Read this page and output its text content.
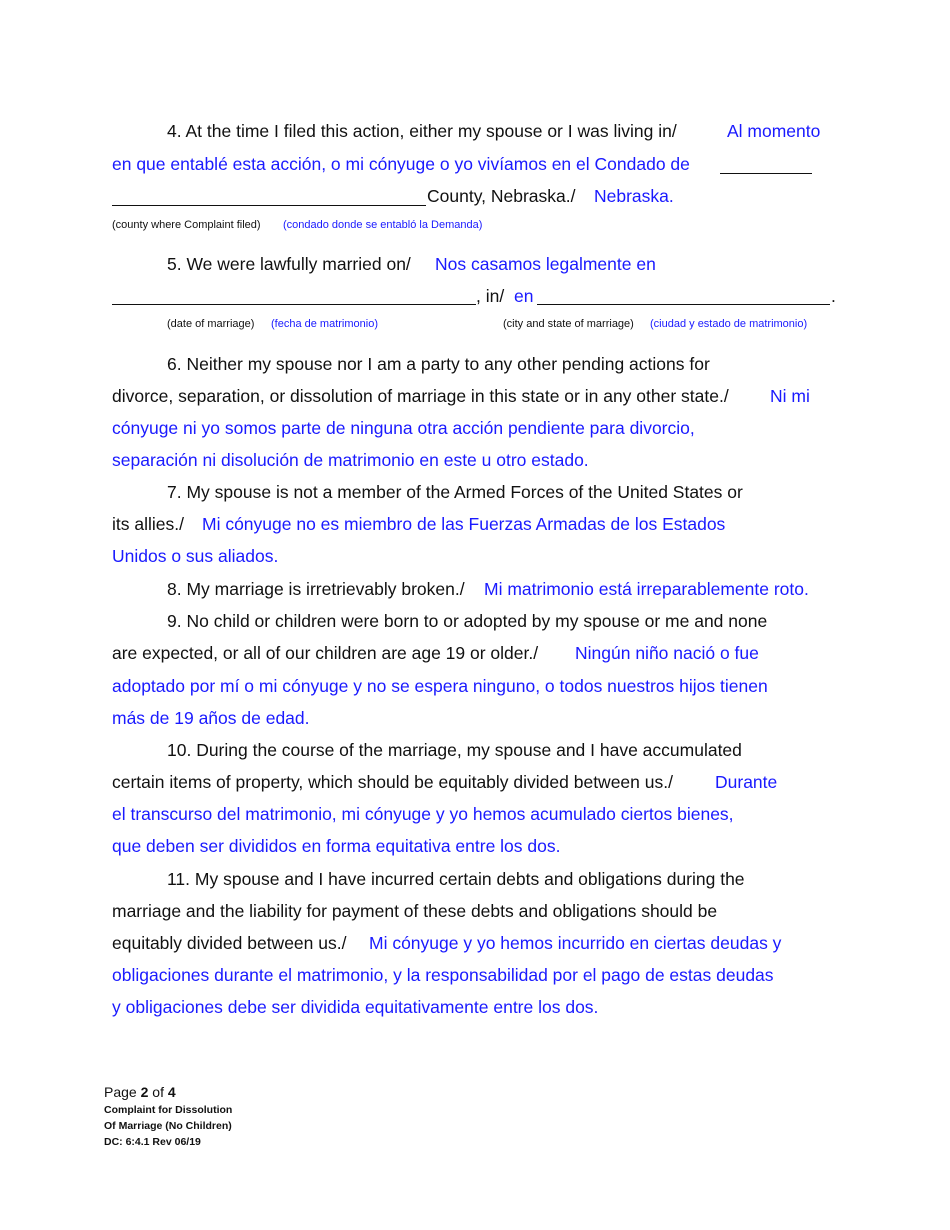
4. At the time I filed this action, either my spouse or I was living in/	Al momento
en que entablé esta acción, o mi cónyuge o yo vivíamos en el Condado de
County, Nebraska./ Nebraska.
(county where Complaint filed) (condado donde se entabló la Demanda)
5. We were lawfully married on/ Nos casamos legalmente en
, in/ en	.
(date of marriage) (fecha de matrimonio)	(city and state of marriage) (ciudad y estado de matrimonio)
6. Neither my spouse nor I am a party to any other pending actions for
divorce, separation, or dissolution of marriage in this state or in any other state./ Ni mi
cónyuge ni yo somos parte de ninguna otra acción pendiente para divorcio,
separación ni disolución de matrimonio en este u otro estado.
7. My spouse is not a member of the Armed Forces of the United States or
its allies./ Mi cónyuge no es miembro de las Fuerzas Armadas de los Estados
Unidos o sus aliados.
8. My marriage is irretrievably broken./ Mi matrimonio está irreparablemente roto.
9. No child or children were born to or adopted by my spouse or me and none
are expected, or all of our children are age 19 or older./ Ningún niño nació o fue
adoptado por mí o mi cónyuge y no se espera ninguno, o todos nuestros hijos tienen
más de 19 años de edad.
10. During the course of the marriage, my spouse and I have accumulated
certain items of property, which should be equitably divided between us./ Durante
el transcurso del matrimonio, mi cónyuge y yo hemos acumulado ciertos bienes,
que deben ser divididos en forma equitativa entre los dos.
11. My spouse and I have incurred certain debts and obligations during the
marriage and the liability for payment of these debts and obligations should be
equitably divided between us./ Mi cónyuge y yo hemos incurrido en ciertas deudas y
obligaciones durante el matrimonio, y la responsabilidad por el pago de estas deudas
y obligaciones debe ser dividida equitativamente entre los dos.
Page 2 of 4
Complaint for Dissolution
Of Marriage (No Children)
DC: 6:4.1 Rev 06/19
